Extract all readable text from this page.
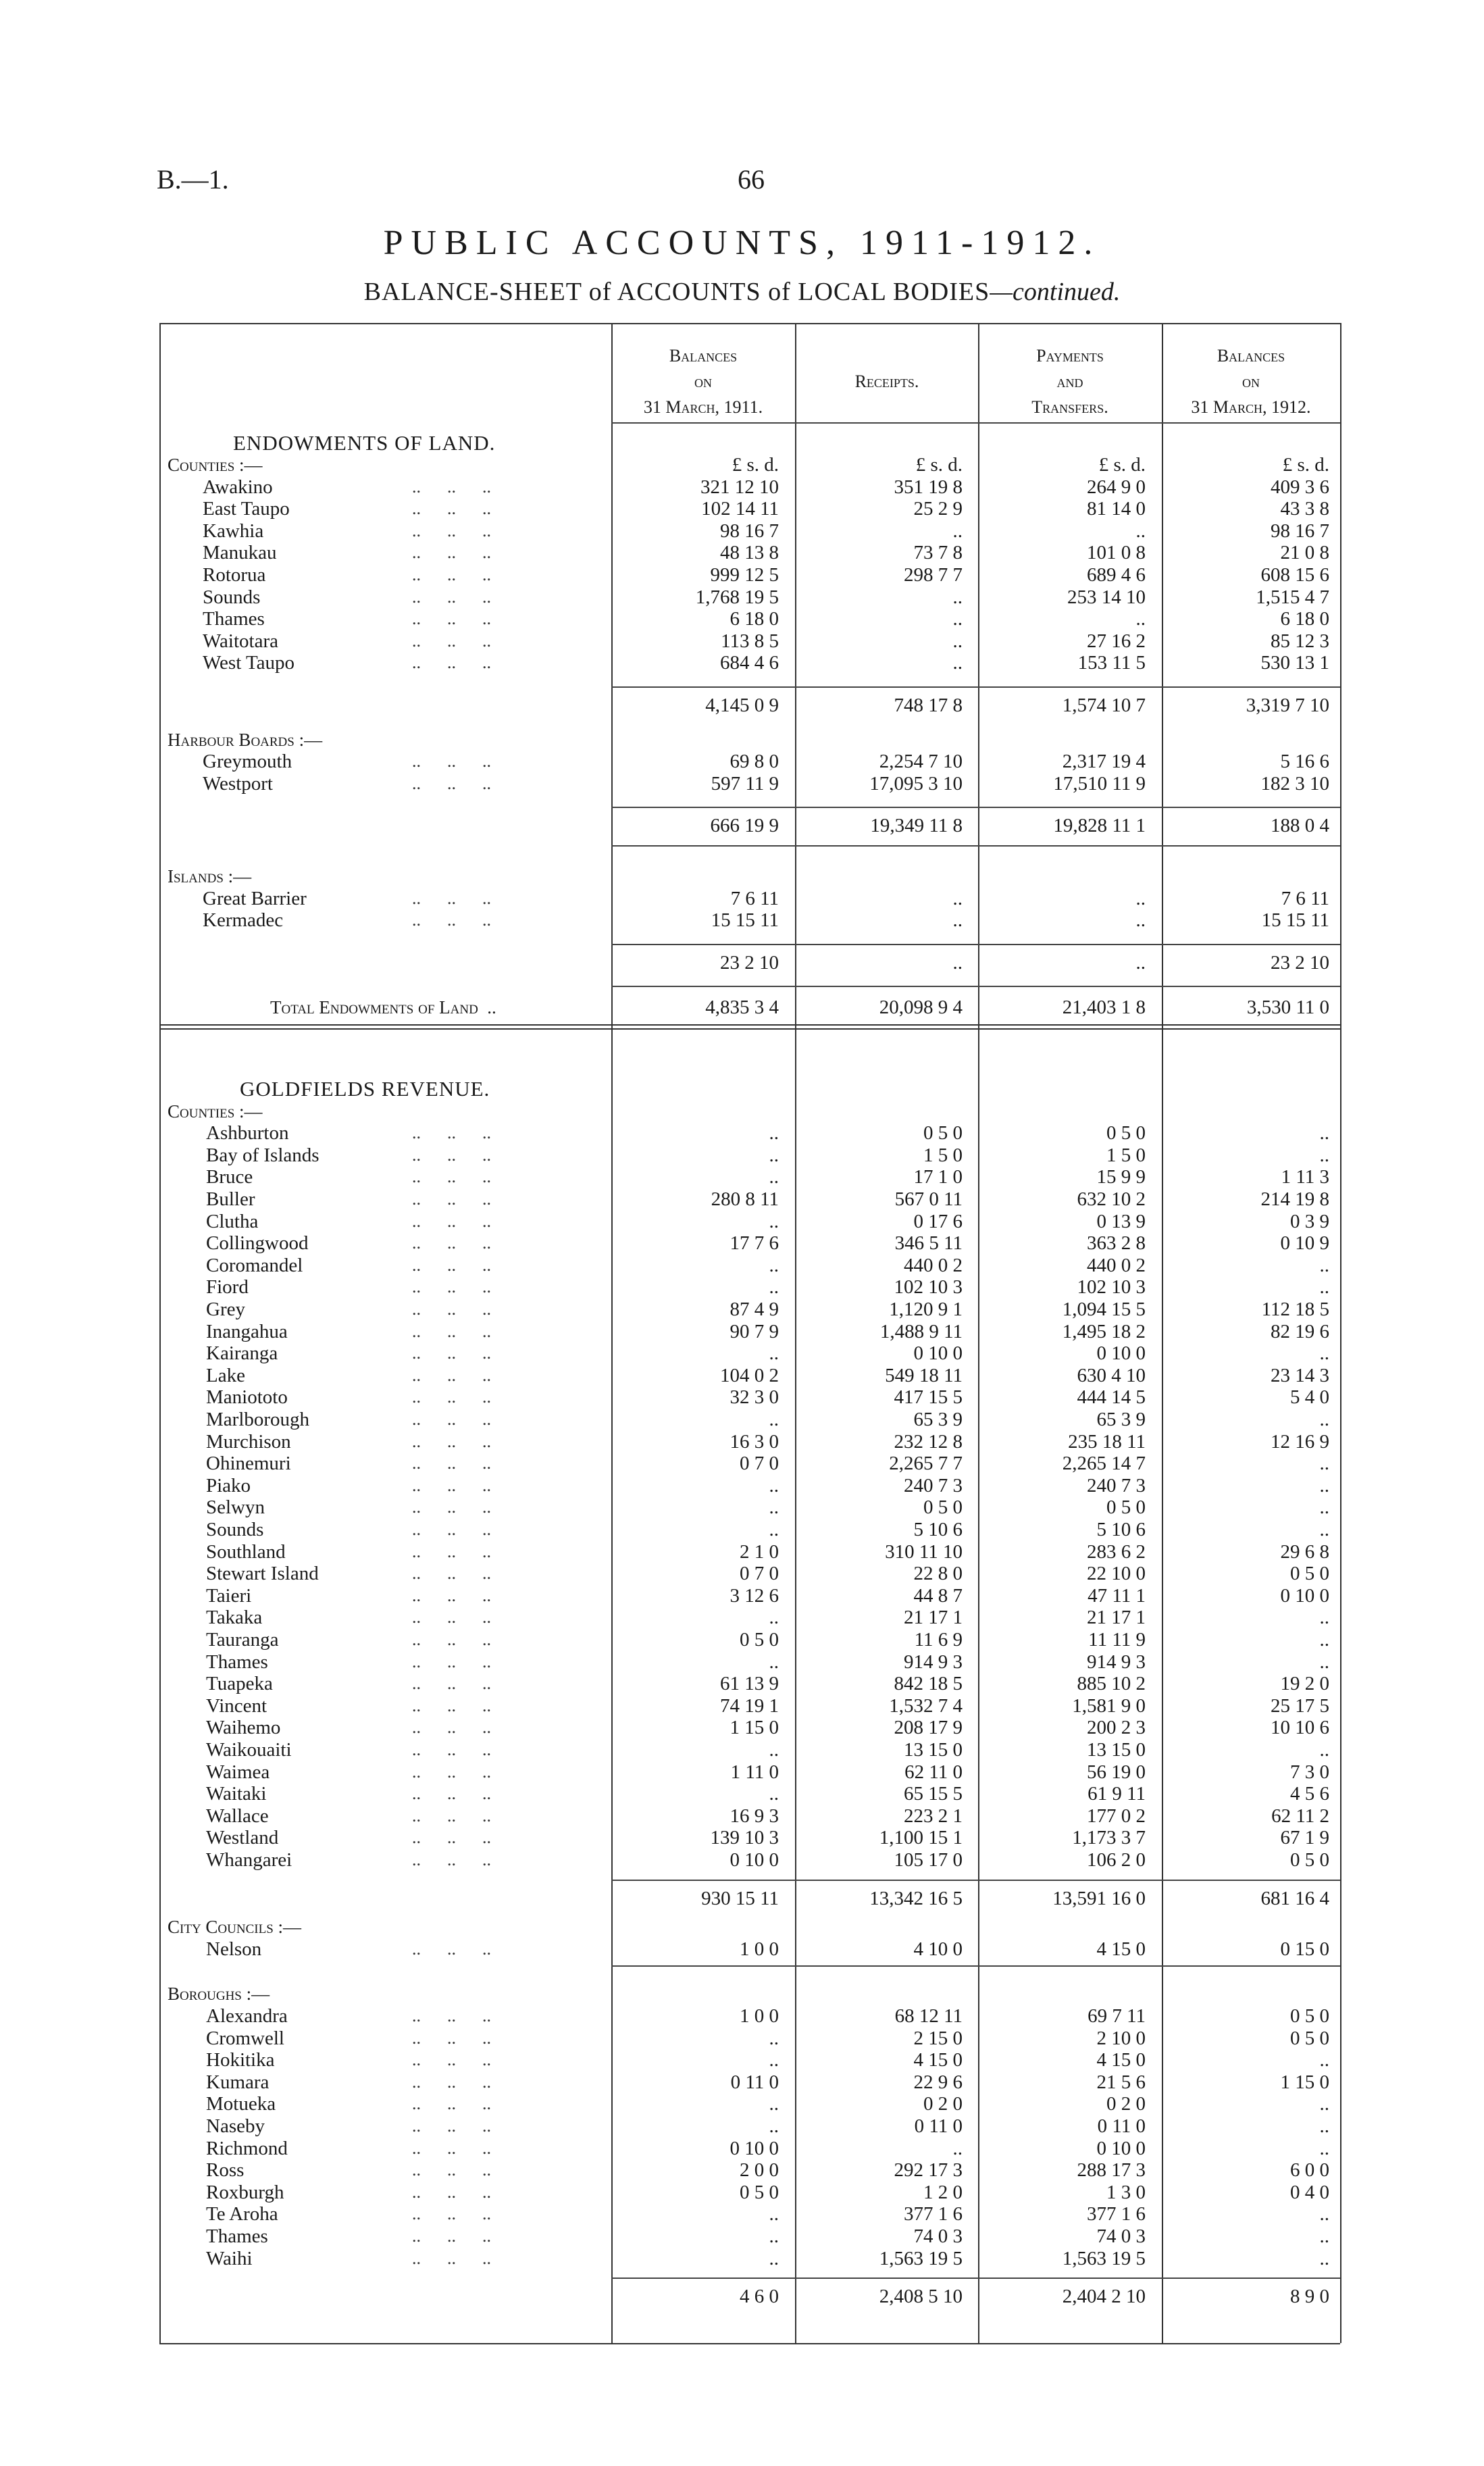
B.—1.	66
PUBLIC ACCOUNTS, 1911-1912.
BALANCE-SHEET of ACCOUNTS of LOCAL BODIES—continued.
Balances
on
31 March, 1911.

Receipts.

Payments
and
Transfers.
Balances
on
31 March, 1912.
ENDOWMENTS OF LAND.
£ s. d.	£ s. d.	£ s. d.	£ s. d.
Counties :—
Awakino	..      ..      ..	321 12 10	351 19 8	264 9 0	409 3 6
East Taupo	..      ..      ..	102 14 11	25 2 9	81 14 0	43 3 8
Kawhia	..      ..      ..	98 16 7	..	..	98 16 7
Manukau	..      ..      ..	48 13 8	73 7 8	101 0 8	21 0 8
Rotorua	..      ..      ..	999 12 5	298 7 7	689 4 6	608 15 6
Sounds	..      ..      ..	1,768 19 5	..	253 14 10	1,515 4 7
Thames	..      ..      ..	6 18 0	..	..	6 18 0
Waitotara	..      ..      ..	113 8 5	..	27 16 2	85 12 3
West Taupo	..      ..      ..	684 4 6	..	153 11 5	530 13 1
4,145 0 9	748 17 8	1,574 10 7	3,319 7 10
Harbour Boards :—
Greymouth	..      ..      ..	69 8 0	2,254 7 10	2,317 19 4	5 16 6
Westport	..      ..      ..	597 11 9	17,095 3 10	17,510 11 9	182 3 10
666 19 9	19,349 11 8	19,828 11 1	188 0 4
Islands :—
Great Barrier	..      ..      ..	7 6 11	..	..	7 6 11
Kermadec	..      ..      ..	15 15 11	..	..	15 15 11
23 2 10	..	..	23 2 10
Total Endowments of Land  ..	4,835 3 4	20,098 9 4	21,403 1 8	3,530 11 0
GOLDFIELDS REVENUE.
Counties :—
Ashburton	..      ..      ..	..	0 5 0	0 5 0	..
Bay of Islands	..      ..      ..	..	1 5 0	1 5 0	..
Bruce	..      ..      ..	..	17 1 0	15 9 9	1 11 3
Buller	..      ..      ..	280 8 11	567 0 11	632 10 2	214 19 8
Clutha	..      ..      ..	..	0 17 6	0 13 9	0 3 9
Collingwood	..      ..      ..	17 7 6	346 5 11	363 2 8	0 10 9
Coromandel	..      ..      ..	..	440 0 2	440 0 2	..
Fiord	..      ..      ..	..	102 10 3	102 10 3	..
Grey	..      ..      ..	87 4 9	1,120 9 1	1,094 15 5	112 18 5
Inangahua	..      ..      ..	90 7 9	1,488 9 11	1,495 18 2	82 19 6
Kairanga	..      ..      ..	..	0 10 0	0 10 0	..
Lake	..      ..      ..	104 0 2	549 18 11	630 4 10	23 14 3
Maniototo	..      ..      ..	32 3 0	417 15 5	444 14 5	5 4 0
Marlborough	..      ..      ..	..	65 3 9	65 3 9	..
Murchison	..      ..      ..	16 3 0	232 12 8	235 18 11	12 16 9
Ohinemuri	..      ..      ..	0 7 0	2,265 7 7	2,265 14 7	..
Piako	..      ..      ..	..	240 7 3	240 7 3	..
Selwyn	..      ..      ..	..	0 5 0	0 5 0	..
Sounds	..      ..      ..	..	5 10 6	5 10 6	..
Southland	..      ..      ..	2 1 0	310 11 10	283 6 2	29 6 8
Stewart Island	..      ..      ..	0 7 0	22 8 0	22 10 0	0 5 0
Taieri	..      ..      ..	3 12 6	44 8 7	47 11 1	0 10 0
Takaka	..      ..      ..	..	21 17 1	21 17 1	..
Tauranga	..      ..      ..	0 5 0	11 6 9	11 11 9	..
Thames	..      ..      ..	..	914 9 3	914 9 3	..
Tuapeka	..      ..      ..	61 13 9	842 18 5	885 10 2	19 2 0
Vincent	..      ..      ..	74 19 1	1,532 7 4	1,581 9 0	25 17 5
Waihemo	..      ..      ..	1 15 0	208 17 9	200 2 3	10 10 6
Waikouaiti	..      ..      ..	..	13 15 0	13 15 0	..
Waimea	..      ..      ..	1 11 0	62 11 0	56 19 0	7 3 0
Waitaki	..      ..      ..	..	65 15 5	61 9 11	4 5 6
Wallace	..      ..      ..	16 9 3	223 2 1	177 0 2	62 11 2
Westland	..      ..      ..	139 10 3	1,100 15 1	1,173 3 7	67 1 9
Whangarei	..      ..      ..	0 10 0	105 17 0	106 2 0	0 5 0
930 15 11	13,342 16 5	13,591 16 0	681 16 4
City Councils :—
Nelson	..      ..      ..	1 0 0	4 10 0	4 15 0	0 15 0
Boroughs :—
Alexandra	..      ..      ..	1 0 0	68 12 11	69 7 11	0 5 0
Cromwell	..      ..      ..	..	2 15 0	2 10 0	0 5 0
Hokitika	..      ..      ..	..	4 15 0	4 15 0	..
Kumara	..      ..      ..	0 11 0	22 9 6	21 5 6	1 15 0
Motueka	..      ..      ..	..	0 2 0	0 2 0	..
Naseby	..      ..      ..	..	0 11 0	0 11 0	..
Richmond	..      ..      ..	0 10 0	..	0 10 0	..
Ross	..      ..      ..	2 0 0	292 17 3	288 17 3	6 0 0
Roxburgh	..      ..      ..	0 5 0	1 2 0	1 3 0	0 4 0
Te Aroha	..      ..      ..	..	377 1 6	377 1 6	..
Thames	..      ..      ..	..	74 0 3	74 0 3	..
Waihi	..      ..      ..	..	1,563 19 5	1,563 19 5	..
4 6 0	2,408 5 10	2,404 2 10	8 9 0
